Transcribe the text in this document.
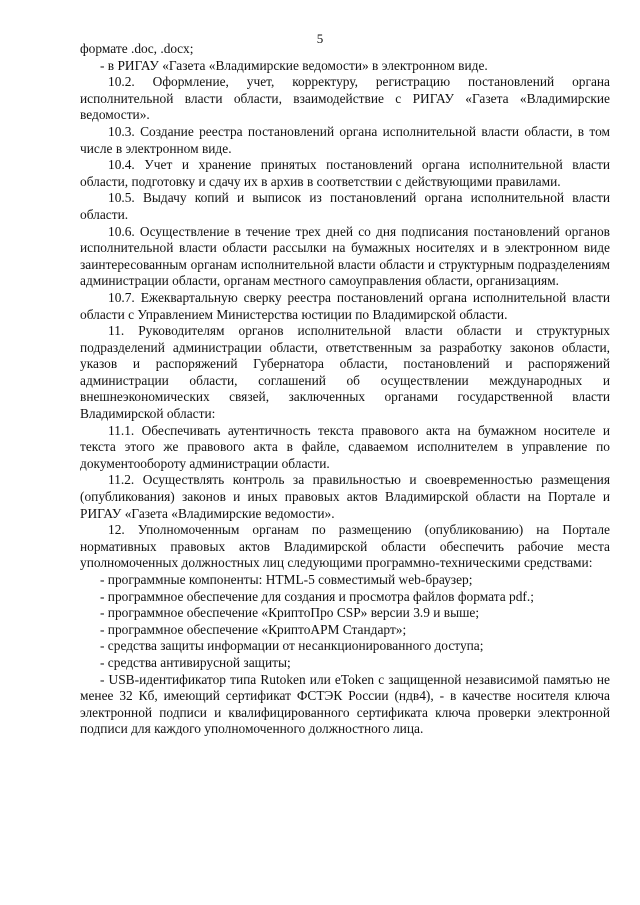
5

формате .doc, .docx;

- в РИГАУ «Газета «Владимирские ведомости» в электронном виде.

10.2. Оформление, учет, корректуру, регистрацию постановлений органа исполнительной власти области, взаимодействие с РИГАУ «Газета «Владимирские ведомости».

10.3. Создание реестра постановлений органа исполнительной власти области, в том числе в электронном виде.

10.4. Учет и хранение принятых постановлений органа исполнительной власти области, подготовку и сдачу их в архив в соответствии с действующими правилами.

10.5. Выдачу копий и выписок из постановлений органа исполнительной власти области.

10.6. Осуществление в течение трех дней со дня подписания постановлений органов исполнительной власти области рассылки на бумажных носителях и в электронном виде заинтересованным органам исполнительной власти области и структурным подразделениям администрации области, органам местного самоуправления области, организациям.

10.7. Ежеквартальную сверку реестра постановлений органа исполнительной власти области с Управлением Министерства юстиции по Владимирской области.

11. Руководителям органов исполнительной власти области и структурных подразделений администрации области, ответственным за разработку законов области, указов и распоряжений Губернатора области, постановлений и распоряжений администрации области, соглашений об осуществлении международных и внешнеэкономических связей, заключенных органами государственной власти Владимирской области:

11.1. Обеспечивать аутентичность текста правового акта на бумажном носителе и текста этого же правового акта в файле, сдаваемом исполнителем в управление по документообороту администрации области.

11.2. Осуществлять контроль за правильностью и своевременностью размещения (опубликования) законов и иных правовых актов Владимирской области на Портале и РИГАУ «Газета «Владимирские ведомости».

12. Уполномоченным органам по размещению (опубликованию) на Портале нормативных правовых актов Владимирской области обеспечить рабочие места уполномоченных должностных лиц следующими программно-техническими средствами:

- программные компоненты: HTML-5 совместимый web-браузер;

- программное обеспечение для создания и просмотра файлов формата pdf.;

- программное обеспечение «КриптоПро CSP» версии 3.9 и выше;

- программное обеспечение «КриптоАРМ Стандарт»;

- средства защиты информации от несанкционированного доступа;

- средства антивирусной защиты;

- USB-идентификатор типа Rutoken или eToken с защищенной независимой памятью не менее 32 Кб, имеющий сертификат ФСТЭК России (ндв4), - в качестве носителя ключа электронной подписи и квалифицированного сертификата ключа проверки электронной подписи для каждого уполномоченного должностного лица.
